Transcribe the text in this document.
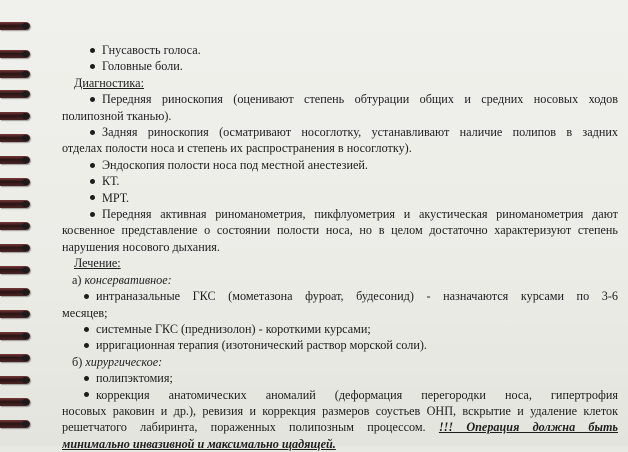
Гнусавость голоса.
Головные боли.
Диагностика:
Передняя риноскопия (оценивают степень обтурации общих и средних носовых ходов
полипозной тканью).
Задняя риноскопия (осматривают носоглотку, устанавливают наличие полипов в задних
отделах полости носа и степень их распространения в носоглотку).
Эндоскопия полости носа под местной анестезией.
КТ.
МРТ.
Передняя активная риноманометрия, пикфлуометрия и акустическая риноманометрия дают
косвенное представление о состоянии полости носа, но в целом достаточно характеризуют степень
нарушения носового дыхания.
Лечение:
а) консервативное:
интраназальные ГКС (мометазона фуроат, будесонид) - назначаются курсами по 3-6
месяцев;
системные ГКС (преднизолон) - короткими курсами;
ирригационная терапия (изотонический раствор морской соли).
б) хирургическое:
полипэктомия;
коррекция анатомических аномалий (деформация перегородки носа, гипертрофия
носовых раковин и др.), ревизия и коррекция размеров соустьев ОНП, вскрытие и удаление клеток
решетчатого лабиринта, пораженных полипозным процессом. !!! Операция должна быть
минимально инвазивной и максимально щадящей.
